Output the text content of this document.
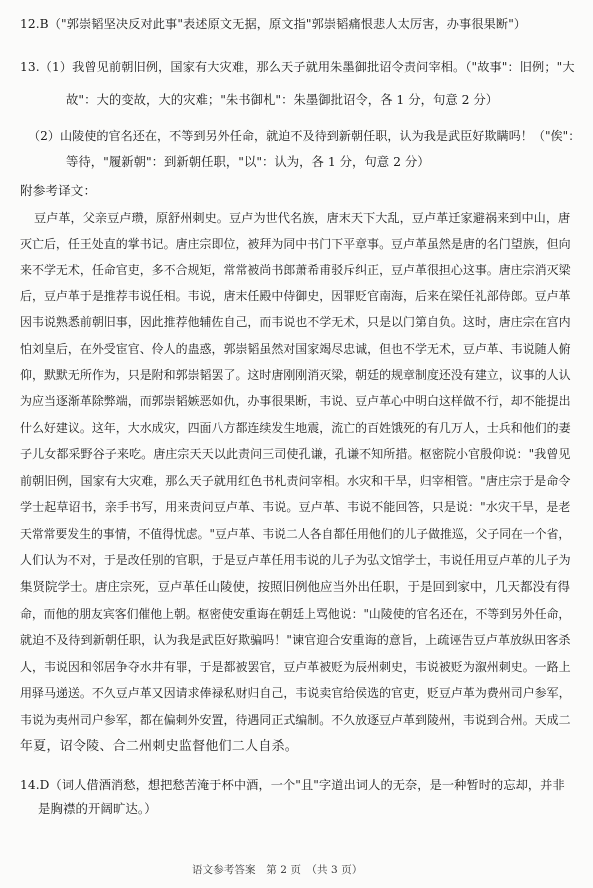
12.B（"郭崇韬坚决反对此事"表述原文无据，原文指"郭崇韬痛恨悲人太厉害，办事很果断"）
13.（1）我曾见前朝旧例，国家有大灾难，那么天子就用朱墨御批诏令责问宰相。（"故事"：旧例；"大
故"：大的变故，大的灾难；"朱书御札"：朱墨御批诏令，各 1 分，句意 2 分）
（2）山陵使的官名还在，不等到另外任命，就迫不及待到新朝任职，认为我是武臣好欺瞒吗！（"俟"：
等待，"履新朝"：到新朝任职，"以"：认为，各 1 分，句意 2 分）
附参考译文：
豆卢革，父亲豆卢瓒，原舒州刺史。豆卢为世代名族，唐末天下大乱，豆卢革迁家避祸来到中山，唐
灭亡后，任王处直的掌书记。唐庄宗即位，被拜为同中书门下平章事。豆卢革虽然是唐的名门望族，但向
来不学无术，任命官吏，多不合规矩，常常被尚书郎萧希甫驳斥纠正，豆卢革很担心这事。唐庄宗消灭梁
后，豆卢革于是推荐韦说任相。韦说，唐末任殿中侍御史，因罪贬官南海，后来在梁任礼部侍郎。豆卢革
因韦说熟悉前朝旧事，因此推荐他辅佐自己，而韦说也不学无术，只是以门第自负。这时，唐庄宗在宫内
怕刘皇后，在外受宦官、伶人的蛊惑，郭崇韬虽然对国家竭尽忠诚，但也不学无术，豆卢革、韦说随人俯
仰，默默无所作为，只是附和郭崇韬罢了。这时唐刚刚消灭梁，朝廷的规章制度还没有建立，议事的人认
为应当逐渐革除弊端，而郭崇韬嫉恶如仇，办事很果断，韦说、豆卢革心中明白这样做不行，却不能提出
什么好建议。这年，大水成灾，四面八方都连续发生地震，流亡的百姓饿死的有几万人，士兵和他们的妻
子儿女都采野谷子来吃。唐庄宗天天以此责问三司使孔谦，孔谦不知所措。枢密院小官殷仰说："我曾见
前朝旧例，国家有大灾难，那么天子就用红色书札责问宰相。水灾和干旱，归宰相管。"唐庄宗于是命令
学士起草诏书，亲手书写，用来责问豆卢革、韦说。豆卢革、韦说不能回答，只是说："水灾干旱，是老
天常常要发生的事情，不值得忧虑。"豆卢革、韦说二人各自都任用他们的儿子做推巡，父子同在一个省，
人们认为不对，于是改任别的官职，于是豆卢革任用韦说的儿子为弘文馆学士，韦说任用豆卢革的儿子为
集贤院学士。唐庄宗死，豆卢革任山陵使，按照旧例他应当外出任职，于是回到家中，几天都没有得
命，而他的朋友宾客们催他上朝。枢密使安重诲在朝廷上骂他说："山陵使的官名还在，不等到另外任命，
就迫不及待到新朝任职，认为我是武臣好欺骗吗！"谏官迎合安重诲的意旨，上疏诬告豆卢革放纵田客杀
人，韦说因和邻居争夺水井有罪，于是都被罢官，豆卢革被贬为辰州刺史，韦说被贬为溆州刺史。一路上
用驿马递送。不久豆卢革又因请求俸禄私财归自己，韦说卖官给侯选的官吏，贬豆卢革为费州司户参军，
韦说为夷州司户参军，都在偏刺外安置，待遇同正式编制。不久放逐豆卢革到陵州，韦说到合州。天成二
年夏，诏令陵、合二州刺史监督他们二人自杀。
14.D（词人借酒消愁，想把愁苦淹于杯中酒，一个"且"字道出词人的无奈，是一种暂时的忘却，并非
是胸襟的开阔旷达。）
语文参考答案　第 2 页　（共 3 页）
